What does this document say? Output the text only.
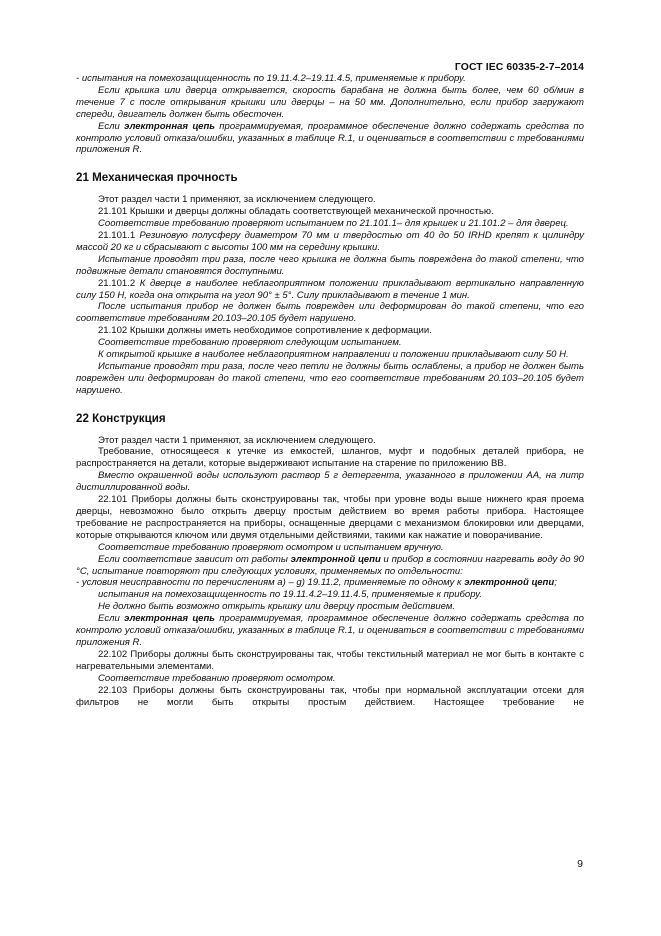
ГОСТ IEC 60335-2-7–2014

- испытания на помехозащищенность по 19.11.4.2–19.11.4.5, применяемые к прибору.

Если крышка или дверца открывается, скорость барабана не должна быть более, чем 60 об/мин в течение 7 с после открывания крышки или дверцы – на 50 мм. Дополнительно, если прибор загружают спереди, двигатель должен быть обесточен.

Если электронная цепь программируемая, программное обеспечение должно содержать средства по контролю условий отказа/ошибки, указанных в таблице R.1, и оцениваться в соответствии с требованиями приложения R.

21 Механическая прочность

Этот раздел части 1 применяют, за исключением следующего.

21.101 Крышки и дверцы должны обладать соответствующей механической прочностью.

Соответствие требованию проверяют испытанием по 21.101.1– для крышек и 21.101.2 – для дверец.

21.101.1 Резиновую полусферу диаметром 70 мм и твердостью от 40 до 50 IRHD крепят к цилиндру массой 20 кг и сбрасывают с высоты 100 мм на середину крышки.

Испытание проводят три раза, после чего крышка не должна быть повреждена до такой степени, что подвижные детали становятся доступными.

21.101.2 К дверце в наиболее неблагоприятном положении прикладывают вертикально направленную силу 150 Н, когда она открыта на угол 90° ± 5°. Силу прикладывают в течение 1 мин.

После испытания прибор не должен быть поврежден или деформирован до такой степени, что его соответствие требованиям 20.103–20.105 будет нарушено.

21.102 Крышки должны иметь необходимое сопротивление к деформации.

Соответствие требованию проверяют следующим испытанием.

К открытой крышке в наиболее неблагоприятном направлении и положении прикладывают силу 50 Н.

Испытание проводят три раза, после чего петли не должны быть ослаблены, а прибор не должен быть поврежден или деформирован до такой степени, что его соответствие требованиям 20.103–20.105 будет нарушено.

22 Конструкция

Этот раздел части 1 применяют, за исключением следующего.

Требование, относящееся к утечке из емкостей, шлангов, муфт и подобных деталей прибора, не распространяется на детали, которые выдерживают испытание на старение по приложению ВВ.

Вместо окрашенной воды используют раствор 5 г детергента, указанного в приложении АА, на литр дистиллированной воды.

22.101 Приборы должны быть сконструированы так, чтобы при уровне воды выше нижнего края проема дверцы, невозможно было открыть дверцу простым действием во время работы прибора. Настоящее требование не распространяется на приборы, оснащенные дверцами с механизмом блокировки или дверцами, которые открываются ключом или двумя отдельными действиями, такими как нажатие и поворачивание.

Соответствие требованию проверяют осмотром и испытанием вручную.

Если соответствие зависит от работы электронной цепи и прибор в состоянии нагревать воду до 90 °С, испытание повторяют при следующих условиях, применяемых по отдельности:

- условия неисправности по перечислениям a) – g) 19.11.2, применяемые по одному к электронной цепи;

испытания на помехозащищенность по 19.11.4.2–19.11.4.5, применяемые к прибору.

Не должно быть возможно открыть крышку или дверцу простым действием.

Если электронная цепь программируемая, программное обеспечение должно содержать средства по контролю условий отказа/ошибки, указанных в таблице R.1, и оцениваться в соответствии с требованиями приложения R.

22.102 Приборы должны быть сконструированы так, чтобы текстильный материал не мог быть в контакте с нагревательными элементами.

Соответствие требованию проверяют осмотром.

22.103 Приборы должны быть сконструированы так, чтобы при нормальной эксплуатации отсеки для фильтров не могли быть открыты простым действием. Настоящее требование не

9
